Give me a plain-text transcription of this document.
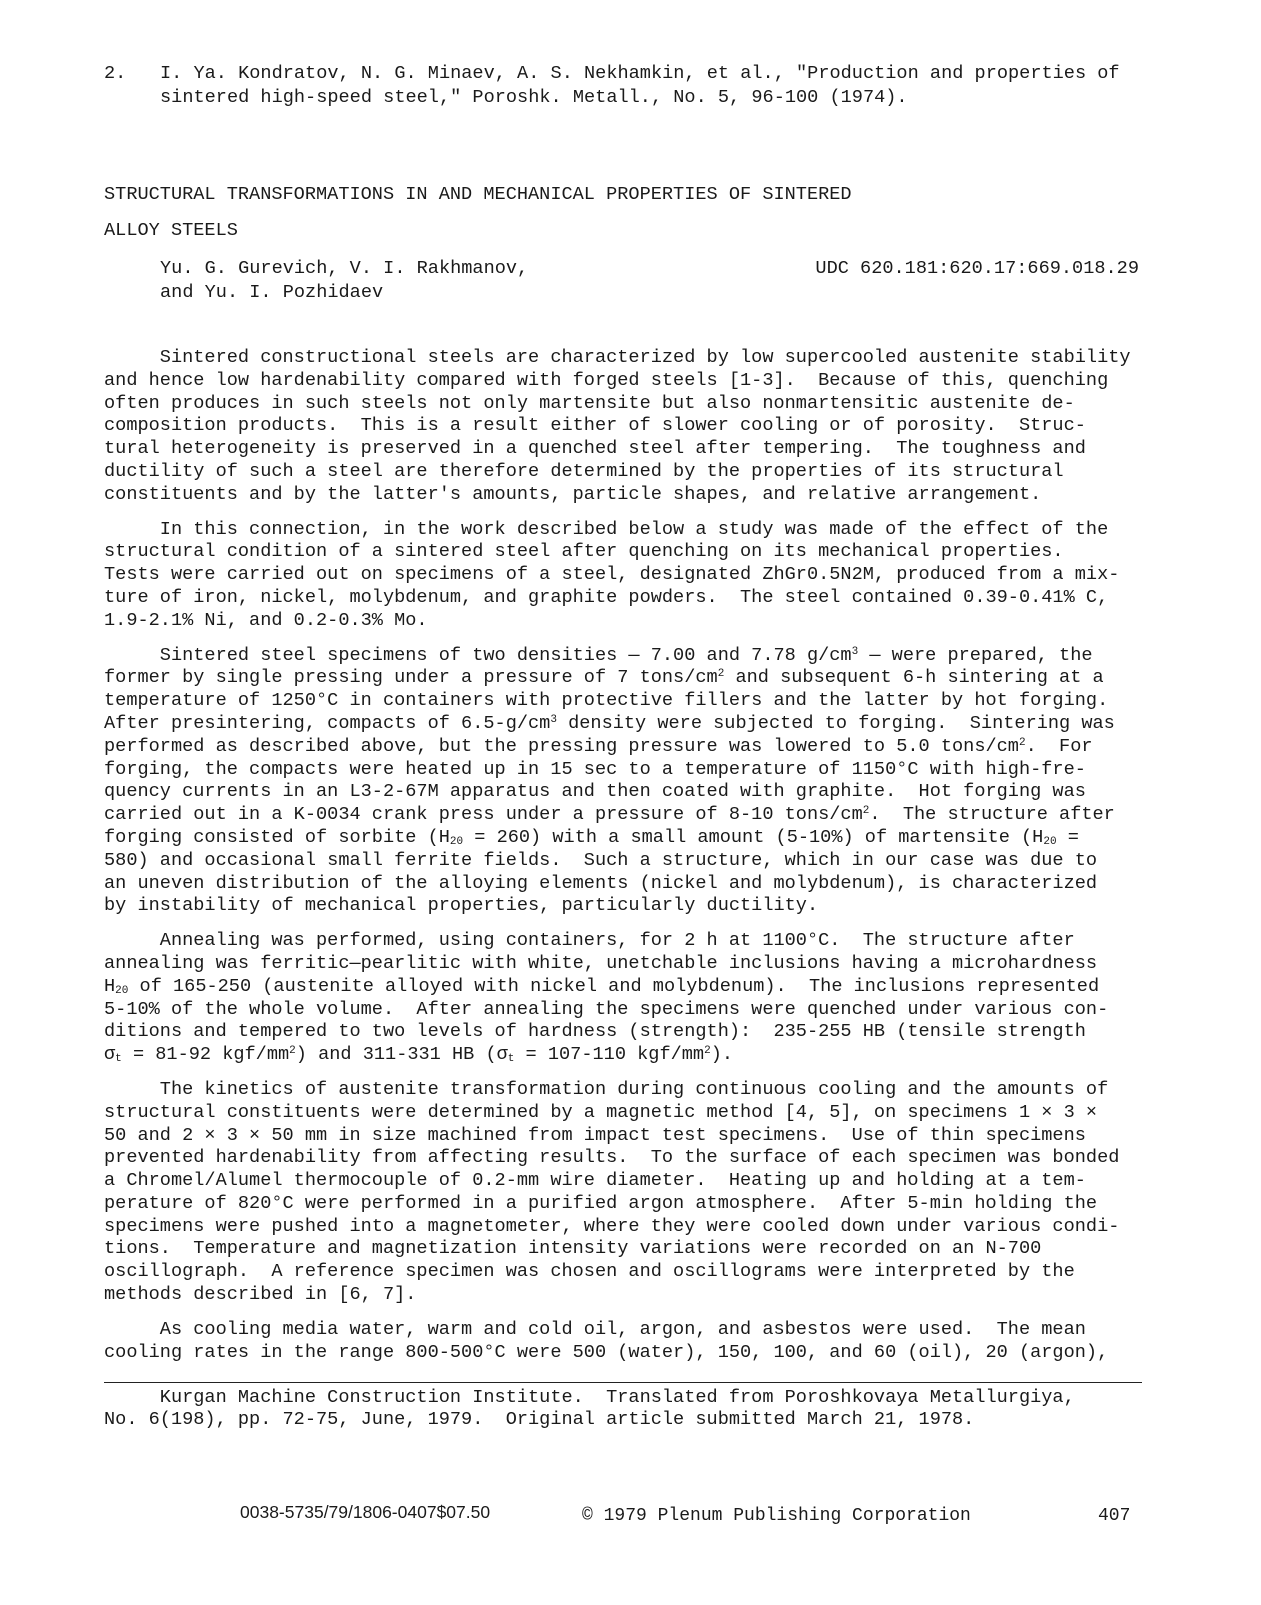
2. I. Ya. Kondratov, N. G. Minaev, A. S. Nekhamkin, et al., "Production and properties of
sintered high-speed steel," Poroshk. Metall., No. 5, 96-100 (1974).
STRUCTURAL TRANSFORMATIONS IN AND MECHANICAL PROPERTIES OF SINTERED
ALLOY STEELS
Yu. G. Gurevich, V. I. Rakhmanov,
and Yu. I. Pozhidaev
UDC 620.181:620.17:669.018.29
Sintered constructional steels are characterized by low supercooled austenite stability
and hence low hardenability compared with forged steels [1-3].  Because of this, quenching
often produces in such steels not only martensite but also nonmartensitic austenite de-
composition products.  This is a result either of slower cooling or of porosity.  Struc-
tural heterogeneity is preserved in a quenched steel after tempering.  The toughness and
ductility of such a steel are therefore determined by the properties of its structural
constituents and by the latter's amounts, particle shapes, and relative arrangement.
In this connection, in the work described below a study was made of the effect of the
structural condition of a sintered steel after quenching on its mechanical properties.
Tests were carried out on specimens of a steel, designated ZhGr0.5N2M, produced from a mix-
ture of iron, nickel, molybdenum, and graphite powders.  The steel contained 0.39-0.41% C,
1.9-2.1% Ni, and 0.2-0.3% Mo.
Sintered steel specimens of two densities — 7.00 and 7.78 $g/cm^3$ — were prepared, the
former by single pressing under a pressure of 7 tons/$cm^2$ and subsequent 6-h sintering at a
temperature of 1250°C in containers with protective fillers and the latter by hot forging.
After presintering, compacts of $6.5-g/cm^3$ density were subjected to forging.  Sintering was
performed as described above, but the pressing pressure was lowered to 5.0 tons/$cm^2$.  For
forging, the compacts were heated up in 15 sec to a temperature of 1150°C with high-fre-
quency currents in an L3-2-67M apparatus and then coated with graphite.  Hot forging was
carried out in a K-0034 crank press under a pressure of 8-10 tons/$cm^2$.  The structure after
forging consisted of sorbite $(H_{20} = 260)$ with a small amount (5-10%) of martensite ($H_{20}$ =
580) and occasional small ferrite fields.  Such a structure, which in our case was due to
an uneven distribution of the alloying elements (nickel and molybdenum), is characterized
by instability of mechanical properties, particularly ductility.
Annealing was performed, using containers, for 2 h at 1100°C.  The structure after
annealing was ferritic—pearlitic with white, unetchable inclusions having a microhardness
$H_{20}$ of 165-250 (austenite alloyed with nickel and molybdenum).  The inclusions represented
5-10% of the whole volume.  After annealing the specimens were quenched under various con-
ditions and tempered to two levels of hardness (strength):  235-255 HB (tensile strength
$\sigma_t = 81-92$ kgf/$mm^2$) and 311-331 HB ($\sigma_t = 107-110$ kgf/$mm^2$).
The kinetics of austenite transformation during continuous cooling and the amounts of
structural constituents were determined by a magnetic method [4, 5], on specimens 1 × 3 ×
50 and 2 × 3 × 50 mm in size machined from impact test specimens.  Use of thin specimens
prevented hardenability from affecting results.  To the surface of each specimen was bonded
a Chromel/Alumel thermocouple of 0.2-mm wire diameter.  Heating up and holding at a tem-
perature of 820°C were performed in a purified argon atmosphere.  After 5-min holding the
specimens were pushed into a magnetometer, where they were cooled down under various condi-
tions.  Temperature and magnetization intensity variations were recorded on an N-700
oscillograph.  A reference specimen was chosen and oscillograms were interpreted by the
methods described in [6, 7].
As cooling media water, warm and cold oil, argon, and asbestos were used.  The mean
cooling rates in the range 800-500°C were 500 (water), 150, 100, and 60 (oil), 20 (argon),
Kurgan Machine Construction Institute.  Translated from Poroshkovaya Metallurgiya,
No. 6(198), pp. 72-75, June, 1979.  Original article submitted March 21, 1978.
0038-5735/79/1806-0407$07.50	© 1979 Plenum Publishing Corporation	407
